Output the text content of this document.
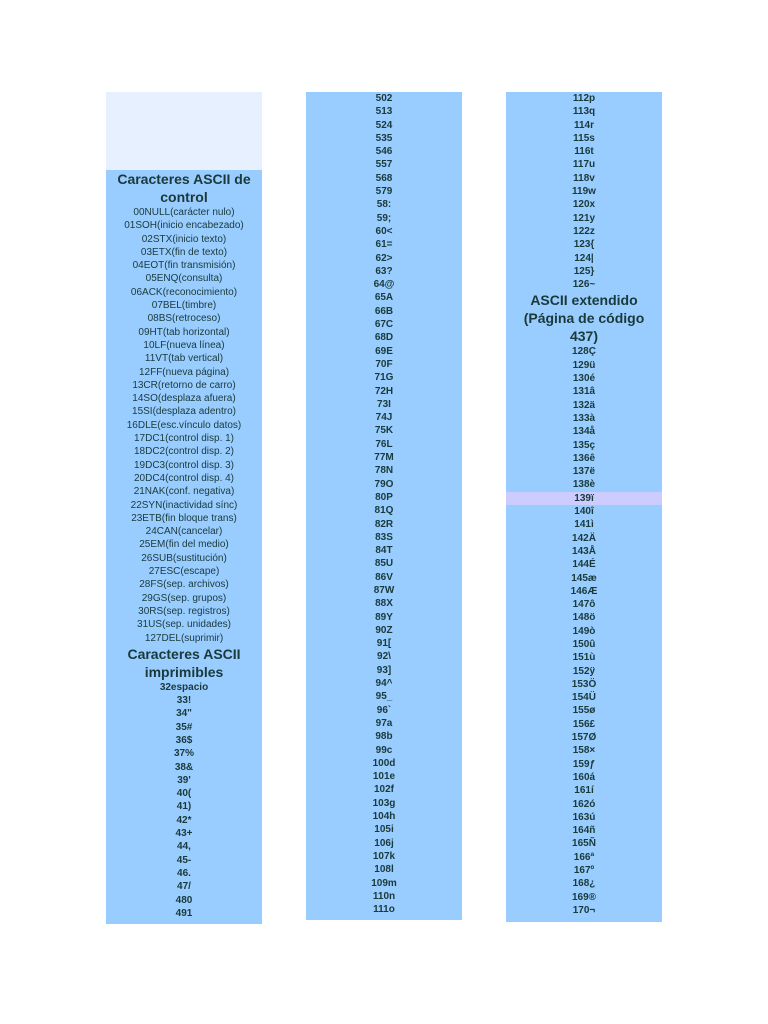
Caracteres ASCII de control
00NULL(carácter nulo)
01SOH(inicio encabezado)
02STX(inicio texto)
03ETX(fin de texto)
04EOT(fin transmisión)
05ENQ(consulta)
06ACK(reconocimiento)
07BEL(timbre)
08BS(retroceso)
09HT(tab horizontal)
10LF(nueva línea)
11VT(tab vertical)
12FF(nueva página)
13CR(retorno de carro)
14SO(desplaza afuera)
15SI(desplaza adentro)
16DLE(esc.vínculo datos)
17DC1(control disp. 1)
18DC2(control disp. 2)
19DC3(control disp. 3)
20DC4(control disp. 4)
21NAK(conf. negativa)
22SYN(inactividad sínc)
23ETB(fin bloque trans)
24CAN(cancelar)
25EM(fin del medio)
26SUB(sustitución)
27ESC(escape)
28FS(sep. archivos)
29GS(sep. grupos)
30RS(sep. registros)
31US(sep. unidades)
127DEL(suprimir)
Caracteres ASCII imprimibles
32espacio
33!
34"
35#
36$
37%
38&
39'
40(
41)
42*
43+
44,
45-
46.
47/
480
491
502
513
524
535
546
557
568
579
58:
59;
60<
61=
62>
63?
64@
65A
66B
67C
68D
69E
70F
71G
72H
73I
74J
75K
76L
77M
78N
79O
80P
81Q
82R
83S
84T
85U
86V
87W
88X
89Y
90Z
91[
92\
93]
94^
95_
96`
97a
98b
99c
100d
101e
102f
103g
104h
105i
106j
107k
108l
109m
110n
111o
112p
113q
114r
115s
116t
117u
118v
119w
120x
121y
122z
123{
124|
125}
126~
ASCII extendido (Página de código 437)
128Ç
129ü
130é
131â
132ä
133à
134å
135ç
136ê
137ë
138è
139ï
140î
141ì
142Ä
143Å
144É
145æ
146Æ
147ô
148ö
149ò
150û
151ù
152ÿ
153Ö
154Ü
155ø
156£
157Ø
158×
159ƒ
160á
161í
162ó
163ú
164ñ
165Ñ
166ª
167º
168¿
169®
170¬
